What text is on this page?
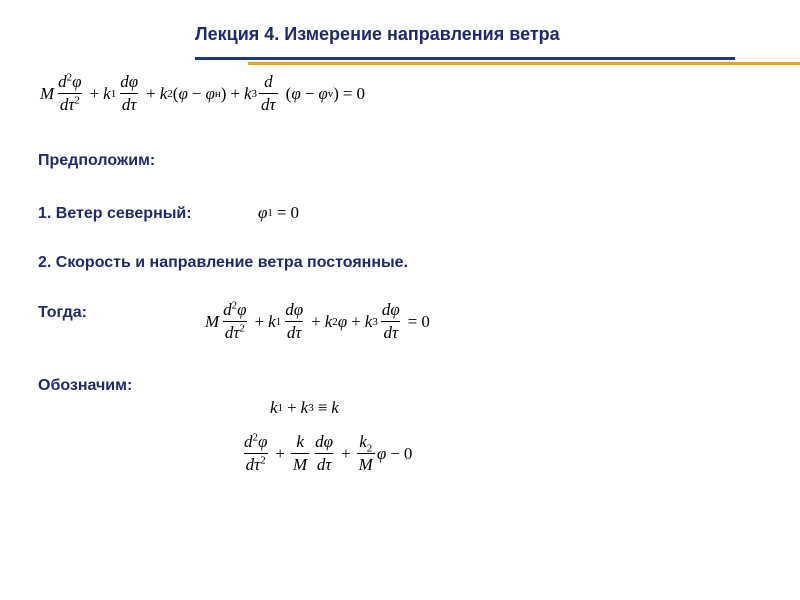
Лекция 4. Измерение направления ветра
M $\frac{d^2\varphi}{d\tau^2} + k$ $1 \frac{d\varphi}{d\tau} + k$ 2 ( φ − φ н ) + k $3 \frac{d}{d\tau}$ ( φ − φ v ) = 0
Предположим:
1. Ветер северный:	φ 1 = 0
2. Скорость и направление ветра постоянные.
Тогда:	M $\frac{d^2\varphi}{d\tau^2} + k$ $1 \frac{d\varphi}{d\tau} + k$ 2 φ + k $3 \frac{d\varphi}{d\tau} = 0$
Обозначим:
k 1 + k 3 ≡ k
$\frac{d^2\varphi}{d\tau^2} + \frac{k}{M} \frac{d\varphi}{d\tau} + \frac{k_2}{M}$ φ − 0
